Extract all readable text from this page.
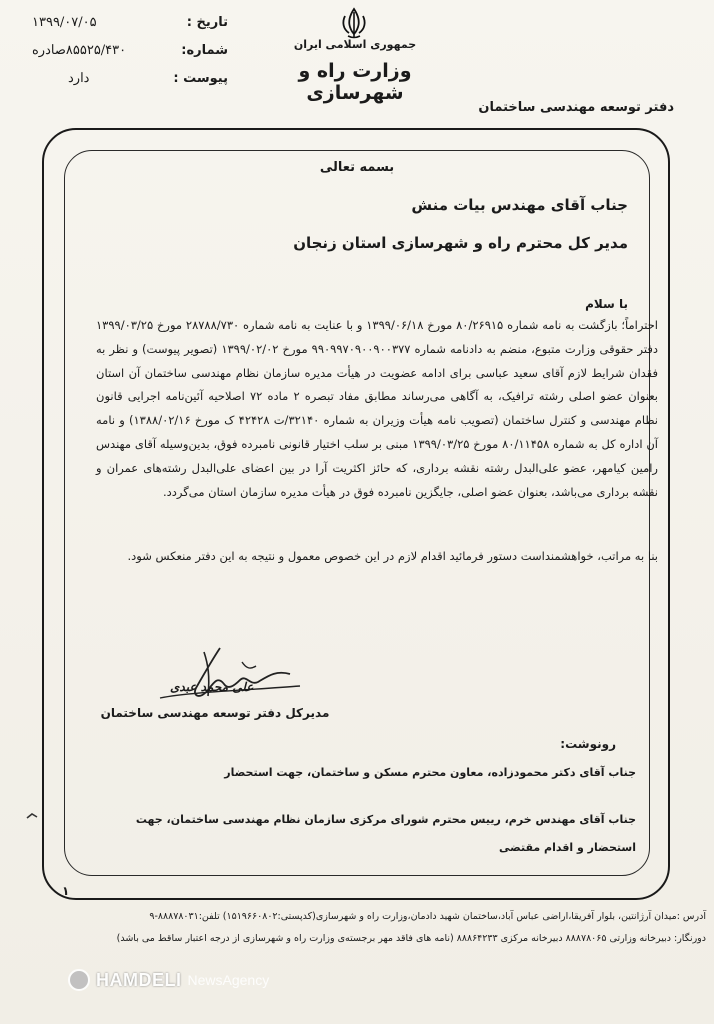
تاریخ :
۱۳۹۹/۰۷/۰۵
شماره:
۸۵۵۲۵/۴۳۰صادره
پیوست :
دارد
جمهوری اسلامی ایران
وزارت راه و شهرسازی
دفتر توسعه مهندسی ساختمان
بسمه تعالی
جناب آقای مهندس بیات منش
مدیر کل محترم راه و شهرسازی استان زنجان
با سلام
احتراماً؛ بازگشت به نامه شماره ۸۰/۲۶۹۱۵ مورخ ۱۳۹۹/۰۶/۱۸ و با عنایت به نامه شماره ۲۸۷۸۸/۷۳۰ مورخ ۱۳۹۹/۰۳/۲۵ دفتر حقوقی وزارت متبوع، منضم به دادنامه شماره ۹۹۰۹۹۷۰۹۰۰۹۰۰۳۷۷ مورخ ۱۳۹۹/۰۲/۰۲ (تصویر پیوست) و نظر به فقدان شرایط لازم آقای سعید عباسی برای ادامه عضویت در هیأت مدیره سازمان نظام مهندسی ساختمان آن استان بعنوان عضو اصلی رشته ترافیک، به آگاهی می‌رساند مطابق مفاد تبصره ۲ ماده ۷۲ اصلاحیه آئین‌نامه اجرایی قانون نظام مهندسی و کنترل ساختمان (تصویب نامه هیأت وزیران به شماره ۳۲۱۴۰/ت ۴۲۴۲۸ ک مورخ ۱۳۸۸/۰۲/۱۶) و نامه آن اداره کل به شماره ۸۰/۱۱۴۵۸ مورخ ۱۳۹۹/۰۳/۲۵ مبنی بر سلب اختیار قانونی نامبرده فوق، بدین‌وسیله آقای مهندس رامین کیامهر، عضو علی‌البدل رشته نقشه برداری، که حائز اکثریت آرا در بین اعضای علی‌البدل رشته‌های عمران و نقشه برداری می‌باشد، بعنوان عضو اصلی، جایگزین نامبرده فوق در هیأت مدیره سازمان استان می‌گردد.
بنا به مراتب، خواهشمنداست دستور فرمائید اقدام لازم در این خصوص معمول و نتیجه به این دفتر منعکس شود.
علی محمد عبدی
مدیرکل دفتر توسعه مهندسی ساختمان
رونوشت:
جناب آقای دکتر محمودزاده، معاون محترم مسکن و ساختمان، جهت استحضار
جناب آقای مهندس خرم، رییس محترم شورای مرکزی سازمان نظام مهندسی ساختمان، جهت استحضار و اقدام مقتضی
۱
آدرس :میدان آرژانتین، بلوار آفریقا،اراضی عباس آباد،ساختمان شهید دادمان،وزارت راه و شهرسازی(کدپستی:۱۵۱۹۶۶۰۸۰۲) تلفن:۸۸۸۷۸۰۳۱-۹
دورنگار: دبیرخانه وزارتی ۸۸۸۷۸۰۶۵ دبیرخانه مرکزی ۸۸۸۶۴۲۳۳ (نامه های فاقد مهر برجسته‌ی وزارت راه و شهرسازی از درجه اعتبار ساقط می باشد)
HAMDELI NewsAgency
